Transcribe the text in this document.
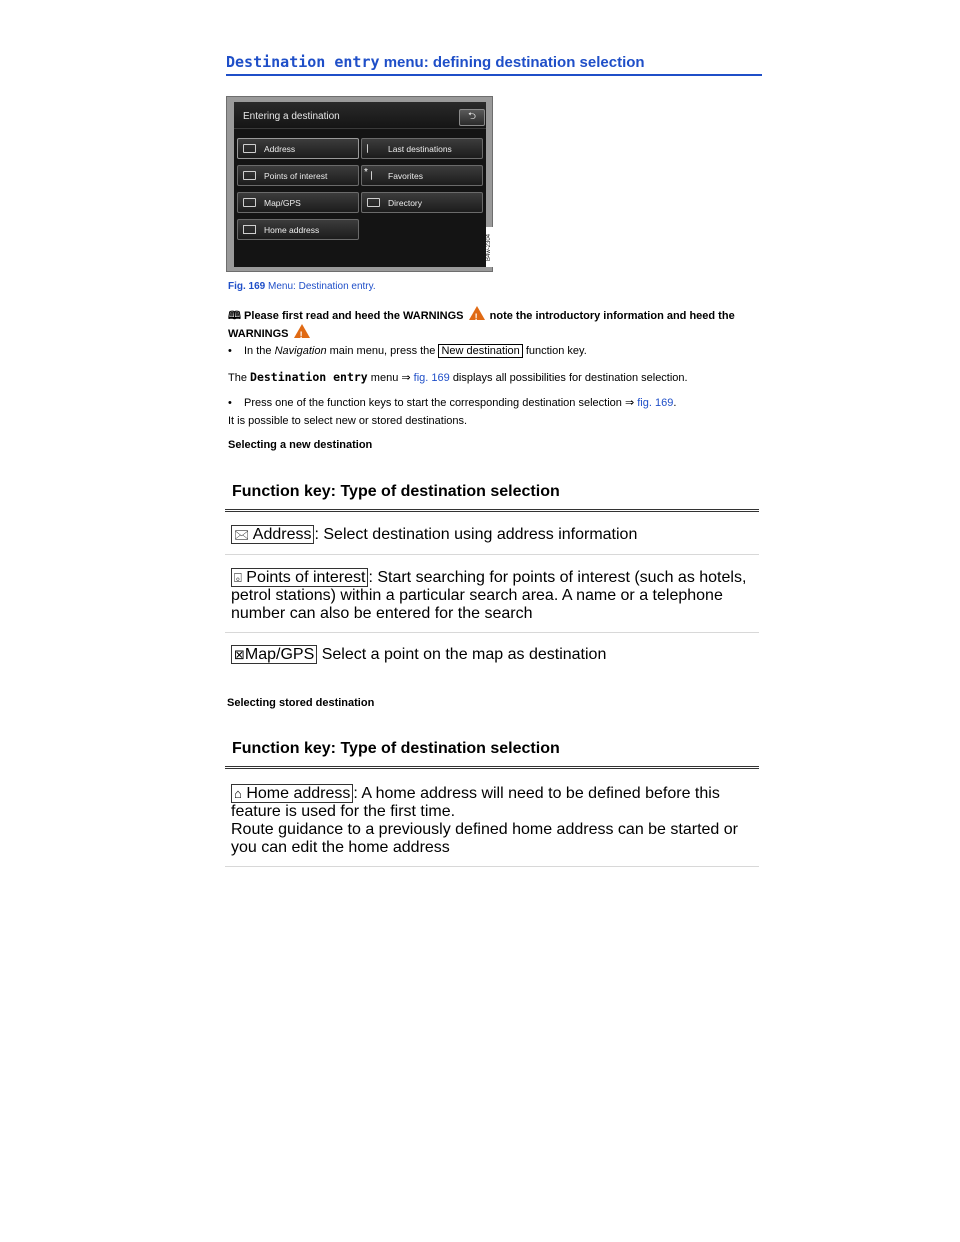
Destination entry menu: defining destination selection
Entering a destination	⮌
Address	Last destinations
Points of interest	* Favorites
Map/GPS	Directory
Home address
B4w-2304
Fig. 169 Menu: Destination entry.
🕮 Please first read and heed the WARNINGS ! note the introductory information and heed the WARNINGS !
• In the Navigation main menu, press the New destination function key.
The Destination entry menu ⇒ fig. 169 displays all possibilities for destination selection.
• Press one of the function keys to start the corresponding destination selection ⇒ fig. 169.
It is possible to select new or stored destinations.
Selecting a new destination
Function key: Type of destination selection
🖂 Address : Select destination using address information
⌻ Points of interest : Start searching for points of interest (such as hotels, petrol stations) within a particular search area. A name or a telephone number can also be entered for the search
⊠Map/GPS Select a point on the map as destination
Selecting stored destination
Function key: Type of destination selection
⌂ Home address : A home address will need to be defined before this feature is used for the first time.
Route guidance to a previously defined home address can be started or you can edit the home address
